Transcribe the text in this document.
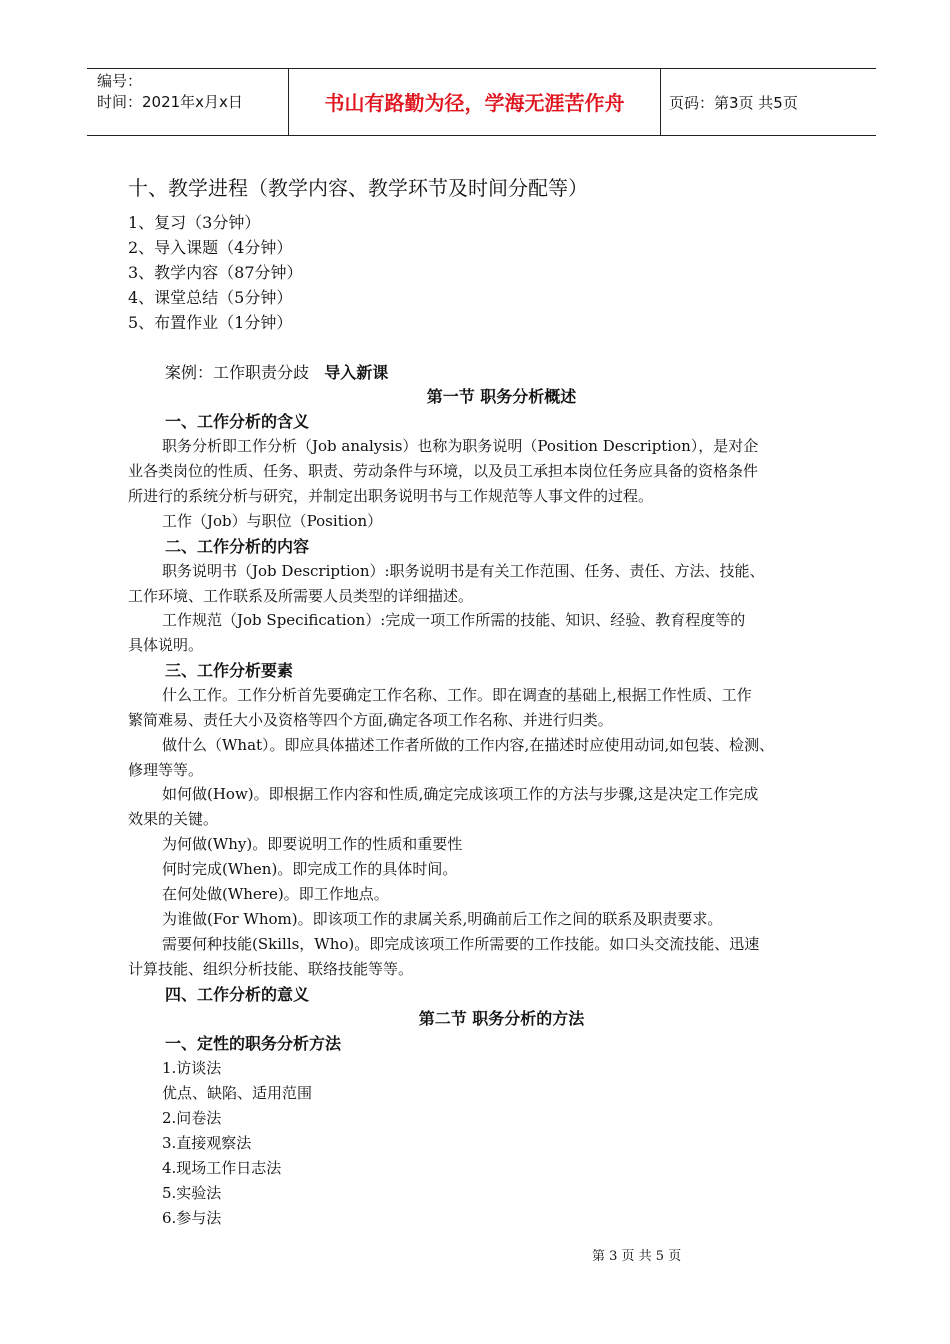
编号：
时间：2021年x月x日	书山有路勤为径，学海无涯苦作舟	页码：第3页 共5页
十、教学进程（教学内容、教学环节及时间分配等）
1、复习（3分钟）
2、导入课题（4分钟）
3、教学内容（87分钟）
4、课堂总结（5分钟）
5、布置作业（1分钟）
案例：工作职责分歧 导入新课
第一节 职务分析概述
一、工作分析的含义
职务分析即工作分析（Job analysis）也称为职务说明（Position Description），是对企
业各类岗位的性质、任务、职责、劳动条件与环境，以及员工承担本岗位任务应具备的资格条件
所进行的系统分析与研究，并制定出职务说明书与工作规范等人事文件的过程。
工作（Job）与职位（Position）
二、工作分析的内容
职务说明书（Job Description）:职务说明书是有关工作范围、任务、责任、方法、技能、
工作环境、工作联系及所需要人员类型的详细描述。
工作规范（Job Specification）:完成一项工作所需的技能、知识、经验、教育程度等的
具体说明。
三、工作分析要素
什么工作。工作分析首先要确定工作名称、工作。即在调查的基础上,根据工作性质、工作
繁简难易、责任大小及资格等四个方面,确定各项工作名称、并进行归类。
做什么（What）。即应具体描述工作者所做的工作内容,在描述时应使用动词,如包装、检测、
修理等等。
如何做(How)。即根据工作内容和性质,确定完成该项工作的方法与步骤,这是决定工作完成
效果的关键。
为何做(Why)。即要说明工作的性质和重要性
何时完成(When)。即完成工作的具体时间。
在何处做(Where)。即工作地点。
为谁做(For Whom)。即该项工作的隶属关系,明确前后工作之间的联系及职责要求。
需要何种技能(Skills，Who)。即完成该项工作所需要的工作技能。如口头交流技能、迅速
计算技能、组织分析技能、联络技能等等。
四、工作分析的意义
第二节 职务分析的方法
一、定性的职务分析方法
1.访谈法
优点、缺陷、适用范围
2.问卷法
3.直接观察法
4.现场工作日志法
5.实验法
6.参与法
第 3 页 共 5 页
